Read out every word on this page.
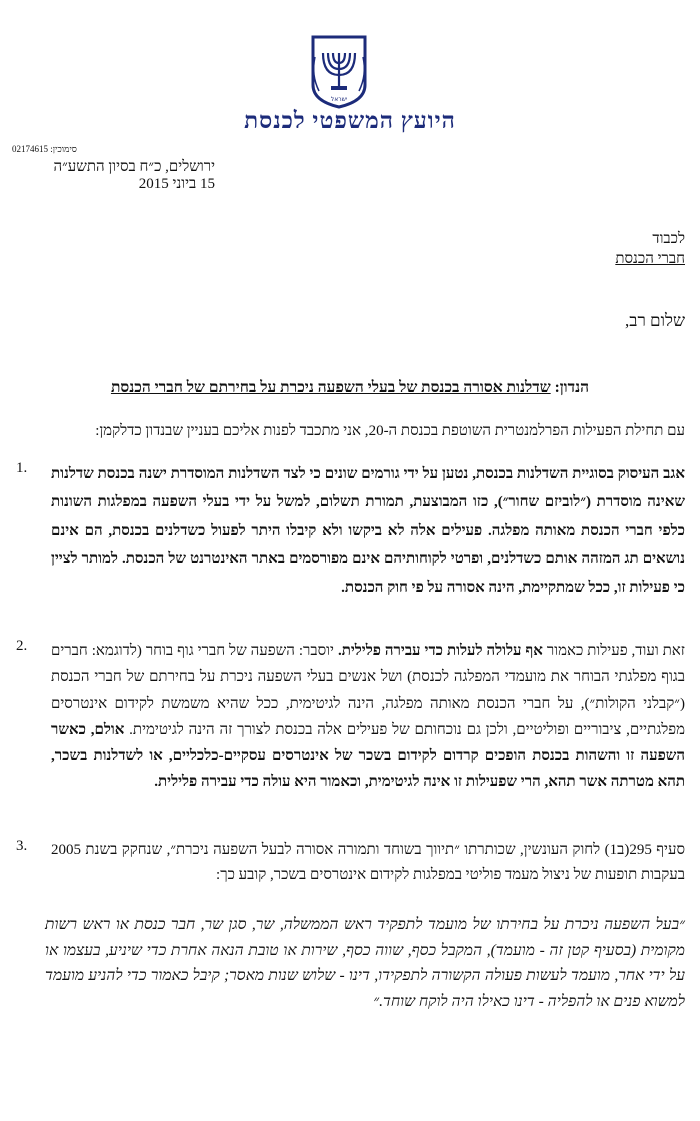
ישראל
היועץ המשפטי לכנסת
סימוכין: 02174615
ירושלים, כ״ח בסיון התשע״ה
15 ביוני 2015
לכבוד
חברי הכנסת
שלום רב,
הנדון: שדלנות אסורה בכנסת של בעלי השפעה ניכרת על בחירתם של חברי הכנסת
עם תחילת הפעילות הפרלמנטרית השוטפת בכנסת ה-20, אני מתכבד לפנות אליכם בעניין שבנדון כדלקמן:
1. אגב העיסוק בסוגיית השדלנות בכנסת, נטען על ידי גורמים שונים כי לצד השדלנות המוסדרת ישנה בכנסת שדלנות שאינה מוסדרת (״לוביזם שחור״), כזו המבוצעת, תמורת תשלום, למשל על ידי בעלי השפעה במפלגות השונות כלפי חברי הכנסת מאותה מפלגה. פעילים אלה לא ביקשו ולא קיבלו היתר לפעול כשדלנים בכנסת, הם אינם נושאים תג המזהה אותם כשדלנים, ופרטי לקוחותיהם אינם מפורסמים באתר האינטרנט של הכנסת. למותר לציין כי פעילות זו, ככל שמתקיימת, הינה אסורה על פי חוק הכנסת.
2.	זאת ועוד, פעילות כאמור אף עלולה לעלות כדי עבירה פלילית. יוסבר: השפעה של חברי גוף בוחר (לדוגמא: חברים בגוף מפלגתי הבוחר את מועמדי המפלגה לכנסת) ושל אנשים בעלי השפעה ניכרת על בחירתם של חברי הכנסת (״קבלני הקולות״), על חברי הכנסת מאותה מפלגה, הינה לגיטימית, ככל שהיא משמשת לקידום אינטרסים מפלגתיים, ציבוריים ופוליטיים, ולכן גם נוכחותם של פעילים אלה בכנסת לצורך זה הינה לגיטימית. אולם, כאשר השפעה זו והשהות בכנסת הופכים קרדום לקידום בשכר של אינטרסים עסקיים-כלכליים, או לשדלנות בשכר, תהא מטרתה אשר תהא, הרי שפעילות זו אינה לגיטימית, וכאמור היא עולה כדי עבירה פלילית.
3. סעיף 295(ב1) לחוק העונשין, שכותרתו ״תיווך בשוחד ותמורה אסורה לבעל השפעה ניכרת״, שנחקק בשנת 2005 בעקבות תופעות של ניצול מעמד פוליטי במפלגות לקידום אינטרסים בשכר, קובע כך:
״בעל השפעה ניכרת על בחירתו של מועמד לתפקיד ראש הממשלה, שר, סגן שר, חבר כנסת או ראש רשות מקומית (בסעיף קטן זה - מועמד), המקבל כסף, שווה כסף, שירות או טובת הנאה אחרת כדי שיניע, בעצמו או על ידי אחר, מועמד לעשות פעולה הקשורה לתפקידו, דינו - שלוש שנות מאסר; קיבל כאמור כדי להניע מועמד למשוא פנים או להפליה - דינו כאילו היה לוקח שוחד.״
